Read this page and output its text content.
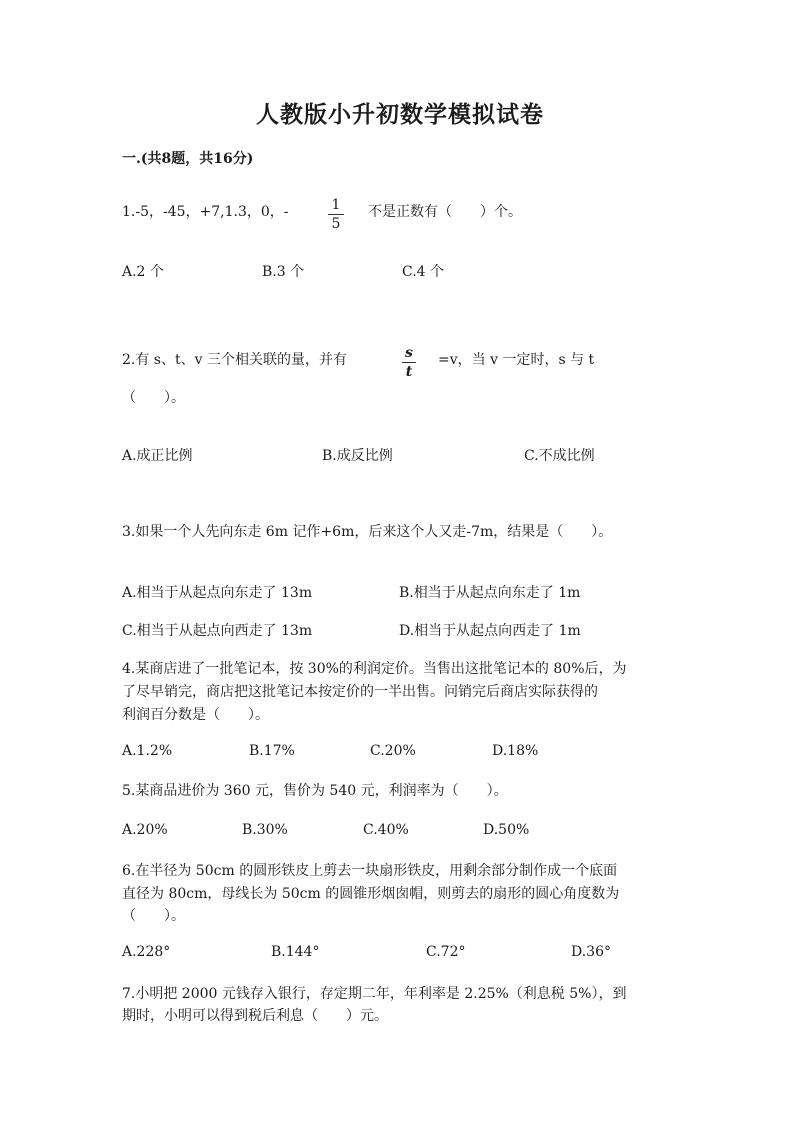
人教版小升初数学模拟试卷
一.(共8题，共16分)
1.-5，-45，+7,1.3，0，-	1
5
不是正数有（　　）个。
A.2 个	B.3 个	C.4 个
2.有 s、t、v 三个相关联的量，并有	s
t
=v，当 v 一定时，s 与 t
（　　）。
A.成正比例	B.成反比例	C.不成比例
3.如果一个人先向东走 6m 记作+6m，后来这个人又走-7m，结果是（　　）。
A.相当于从起点向东走了 13m	B.相当于从起点向东走了 1m
C.相当于从起点向西走了 13m	D.相当于从起点向西走了 1m
4.某商店进了一批笔记本，按 30%的利润定价。当售出这批笔记本的 80%后，为
了尽早销完，商店把这批笔记本按定价的一半出售。问销完后商店实际获得的
利润百分数是（　　）。
A.1.2%	B.17%	C.20%	D.18%
5.某商品进价为 360 元，售价为 540 元，利润率为（　　）。
A.20%	B.30%	C.40%	D.50%
6.在半径为 50cm 的圆形铁皮上剪去一块扇形铁皮，用剩余部分制作成一个底面
直径为 80cm，母线长为 50cm 的圆锥形烟囱帽，则剪去的扇形的圆心角度数为
（　　）。
A.228°	B.144°	C.72°	D.36°
7.小明把 2000 元钱存入银行，存定期二年，年利率是 2.25%（利息税 5%），到
期时，小明可以得到税后利息（　　）元。
